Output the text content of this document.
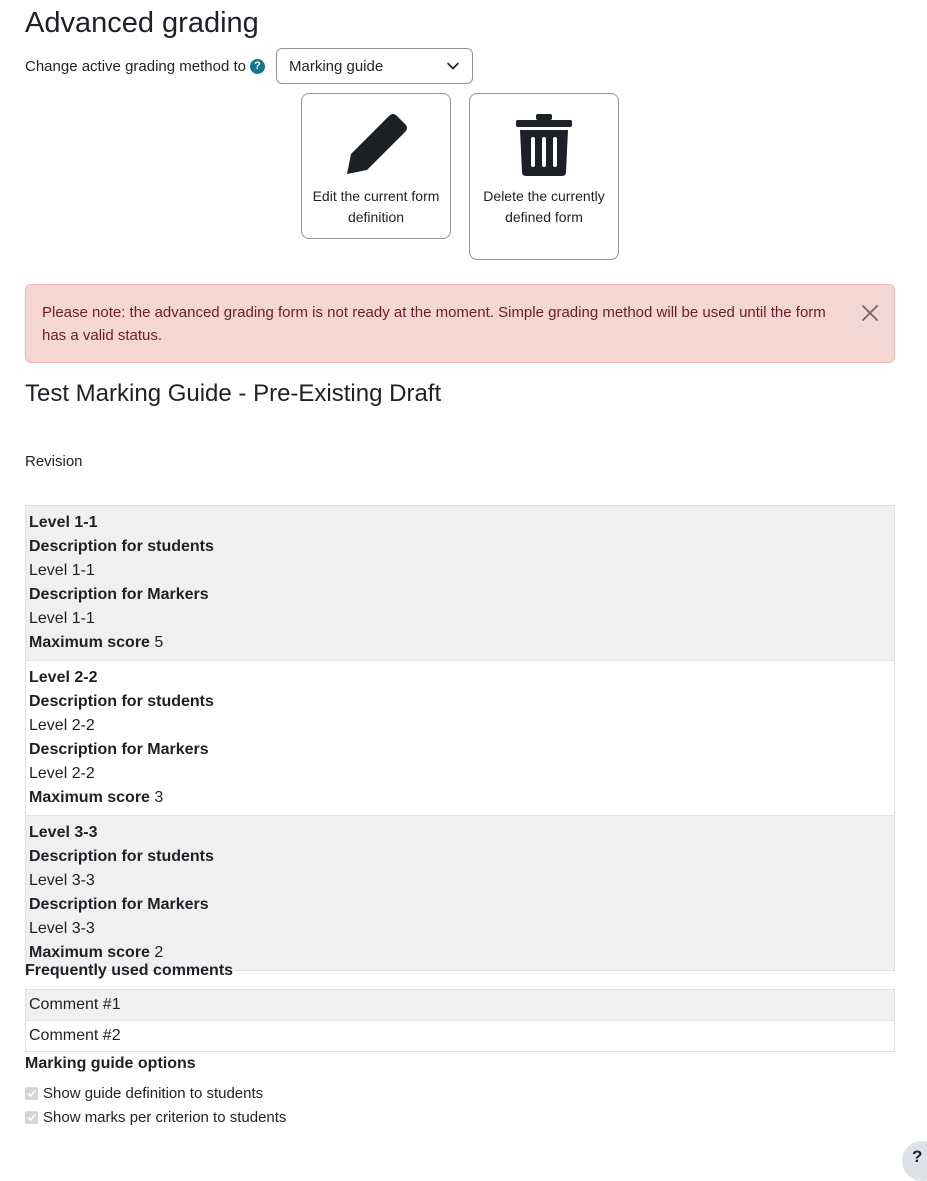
Advanced grading
Change active grading method to ? Marking guide
Edit the current form definition
Delete the currently defined form
Please note: the advanced grading form is not ready at the moment. Simple grading method will be used until the form has a valid status.
Test Marking Guide - Pre-Existing Draft
Revision
Level 1-1
Description for students
Level 1-1
Description for Markers
Level 1-1
Maximum score 5
Level 2-2
Description for students
Level 2-2
Description for Markers
Level 2-2
Maximum score 3
Level 3-3
Description for students
Level 3-3
Description for Markers
Level 3-3
Maximum score 2
Frequently used comments
Comment #1
Comment #2
Marking guide options
Show guide definition to students
Show marks per criterion to students
?
